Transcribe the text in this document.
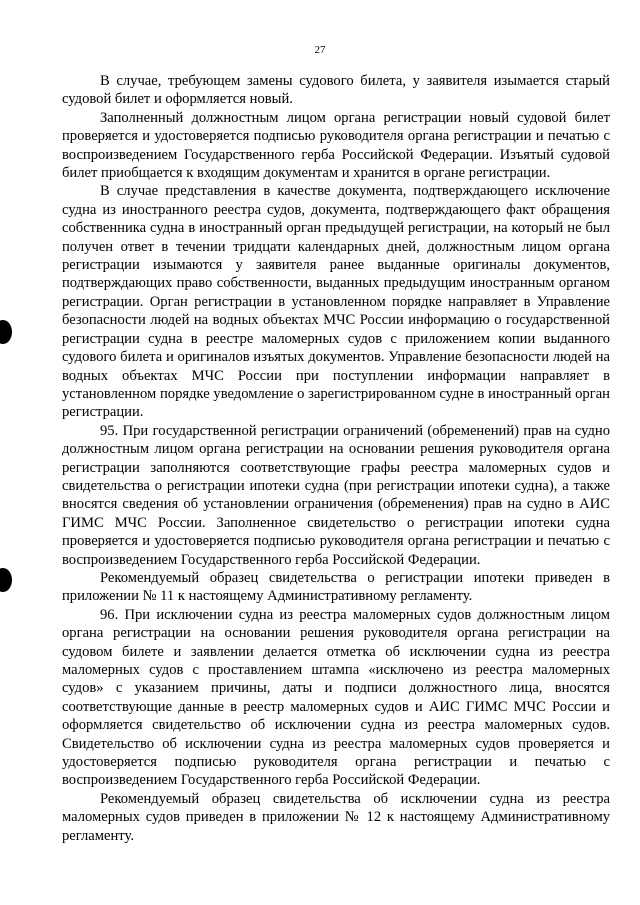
27

В случае, требующем замены судового билета, у заявителя изымается старый судовой билет и оформляется новый.

Заполненный должностным лицом органа регистрации новый судовой билет проверяется и удостоверяется подписью руководителя органа регистрации и печатью с воспроизведением Государственного герба Российской Федерации. Изъятый судовой билет приобщается к входящим документам и хранится в органе регистрации.

В случае представления в качестве документа, подтверждающего исключение судна из иностранного реестра судов, документа, подтверждающего факт обращения собственника судна в иностранный орган предыдущей регистрации, на который не был получен ответ в течении тридцати календарных дней, должностным лицом органа регистрации изымаются у заявителя ранее выданные оригиналы документов, подтверждающих право собственности, выданных предыдущим иностранным органом регистрации. Орган регистрации в установленном порядке направляет в Управление безопасности людей на водных объектах МЧС России информацию о государственной регистрации судна в реестре маломерных судов с приложением копии выданного судового билета и оригиналов изъятых документов. Управление безопасности людей на водных объектах МЧС России при поступлении информации направляет в установленном порядке уведомление о зарегистрированном судне в иностранный орган регистрации.

95. При государственной регистрации ограничений (обременений) прав на судно должностным лицом органа регистрации на основании решения руководителя органа регистрации заполняются соответствующие графы реестра маломерных судов и свидетельства о регистрации ипотеки судна (при регистрации ипотеки судна), а также вносятся сведения об установлении ограничения (обременения) прав на судно в АИС ГИМС МЧС России. Заполненное свидетельство о регистрации ипотеки судна проверяется и удостоверяется подписью руководителя органа регистрации и печатью с воспроизведением Государственного герба Российской Федерации.

Рекомендуемый образец свидетельства о регистрации ипотеки приведен в приложении № 11 к настоящему Административному регламенту.

96. При исключении судна из реестра маломерных судов должностным лицом органа регистрации на основании решения руководителя органа регистрации на судовом билете и заявлении делается отметка об исключении судна из реестра маломерных судов с проставлением штампа «исключено из реестра маломерных судов» с указанием причины, даты и подписи должностного лица, вносятся соответствующие данные в реестр маломерных судов и АИС ГИМС МЧС России и оформляется свидетельство об исключении судна из реестра маломерных судов. Свидетельство об исключении судна из реестра маломерных судов проверяется и удостоверяется подписью руководителя органа регистрации и печатью с воспроизведением Государственного герба Российской Федерации.

Рекомендуемый образец свидетельства об исключении судна из реестра маломерных судов приведен в приложении № 12 к настоящему Административному регламенту.
